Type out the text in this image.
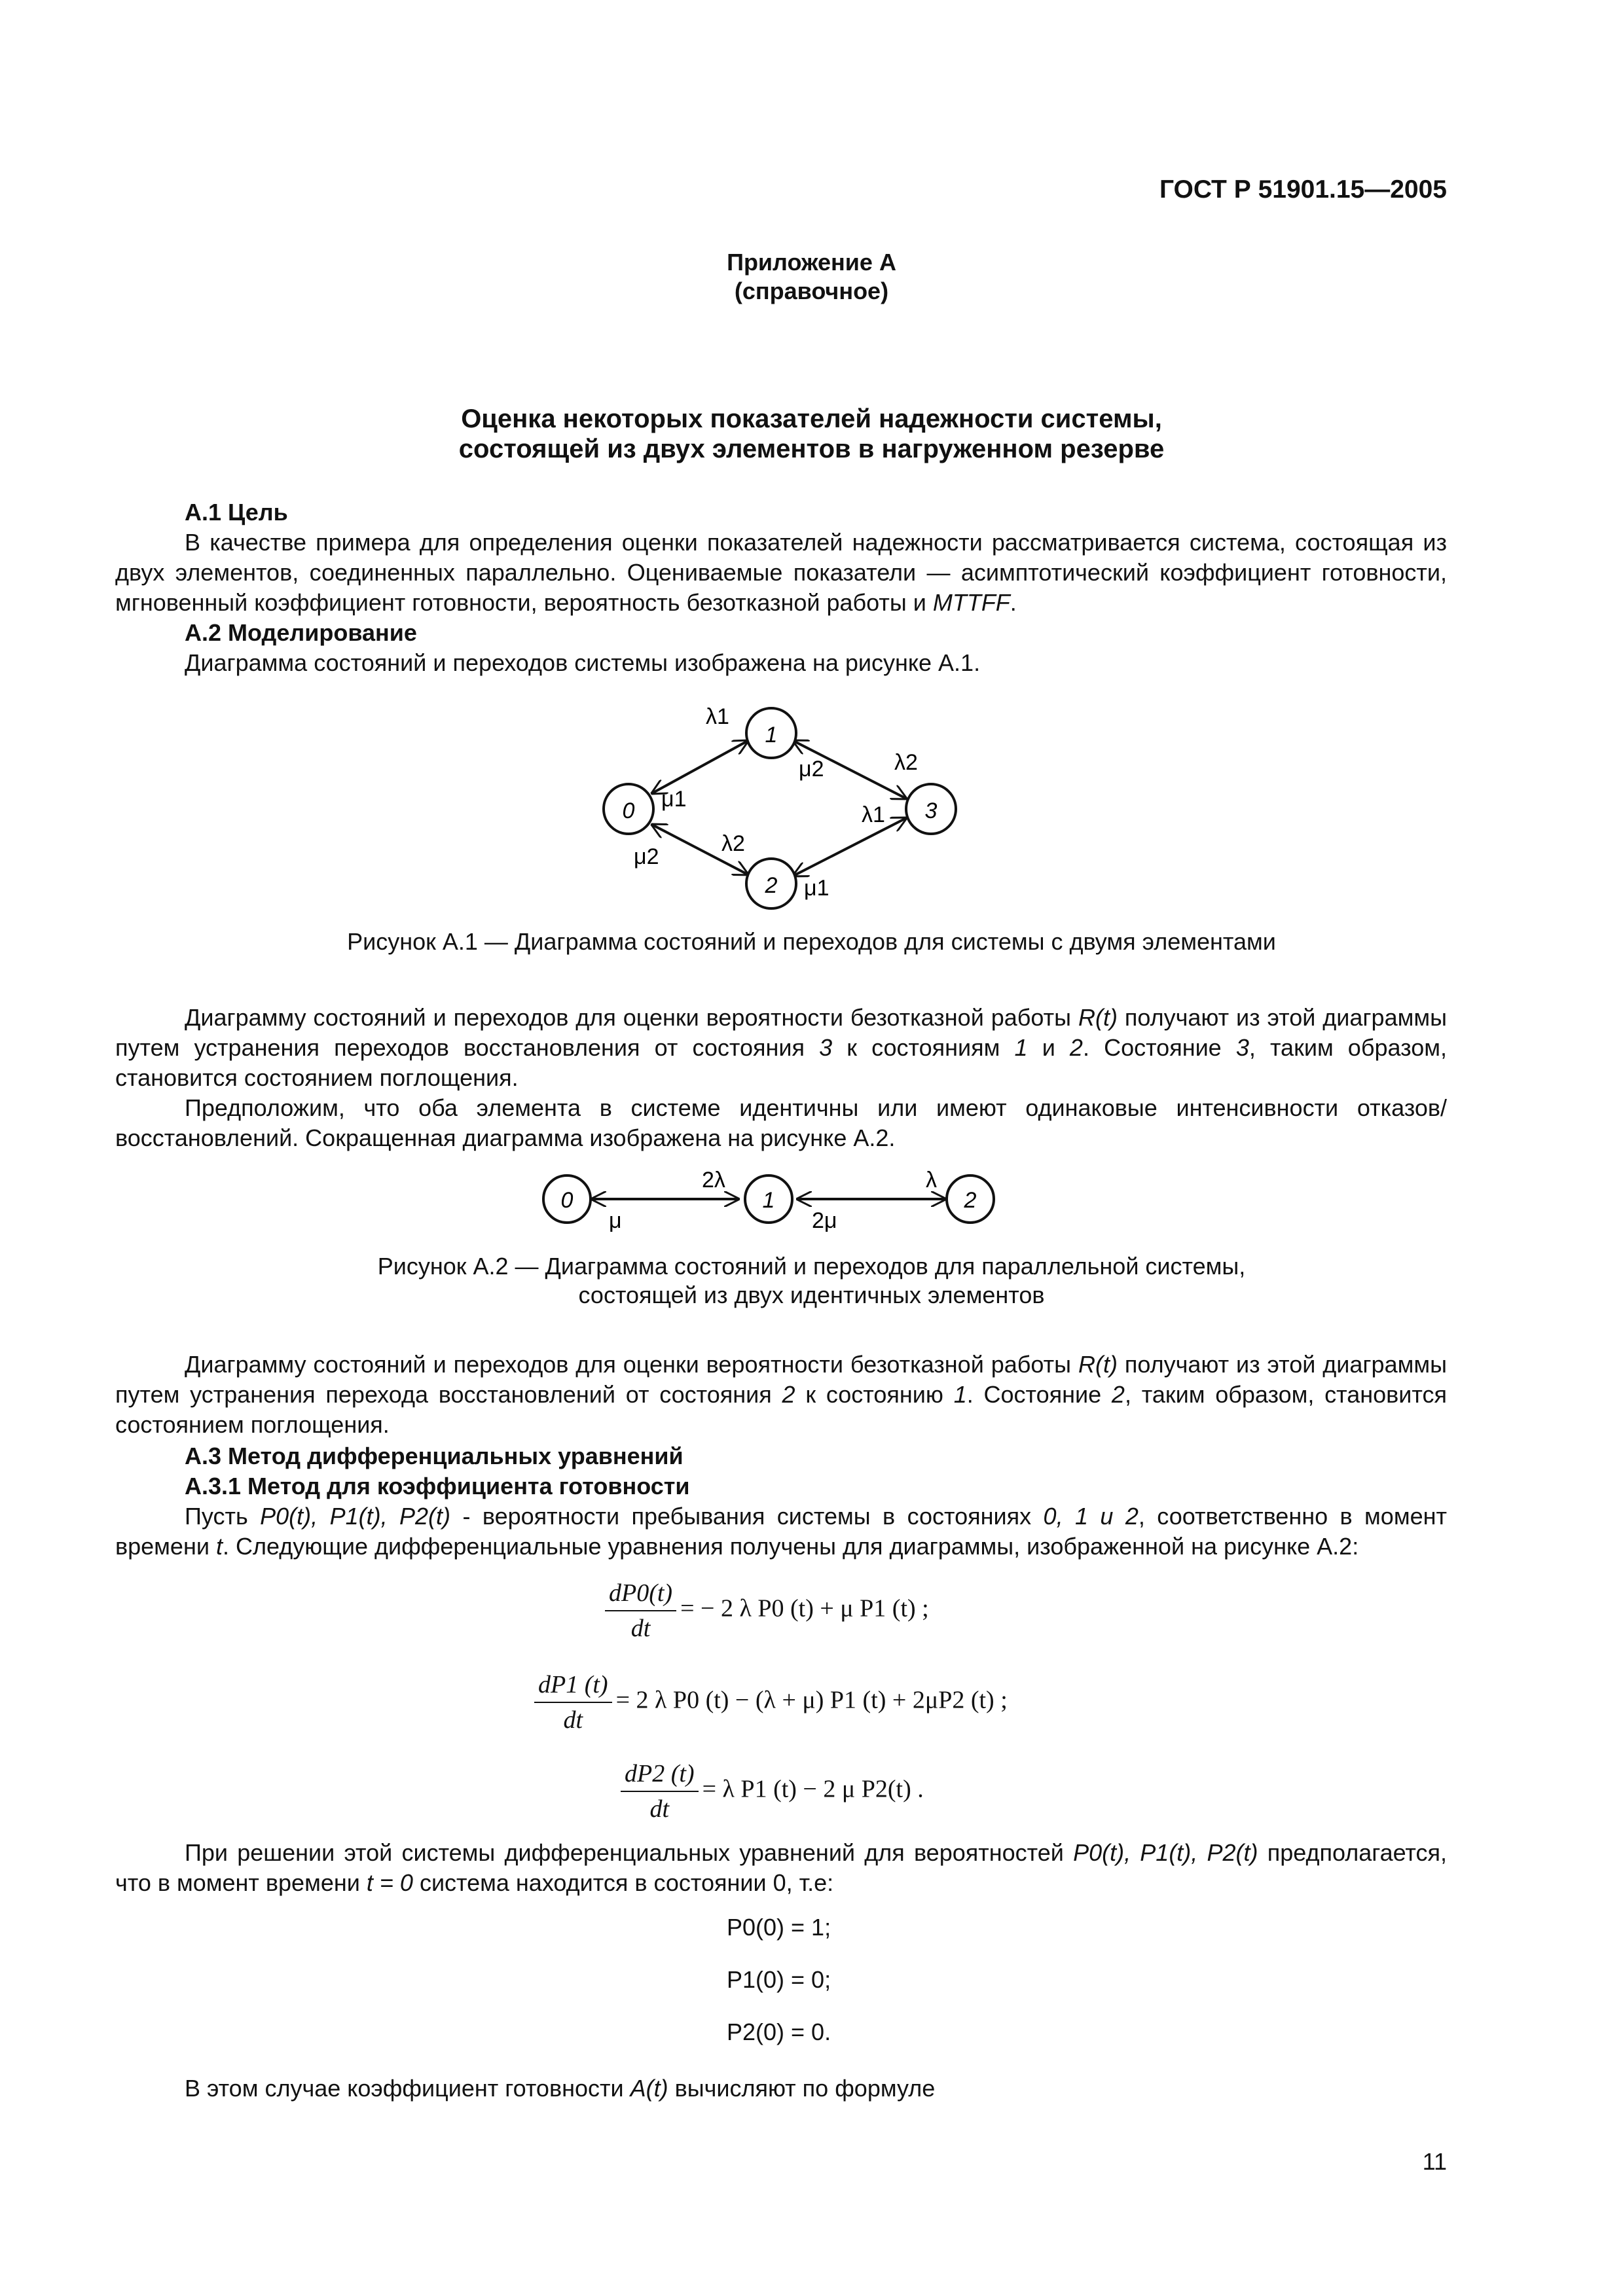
ГОСТ Р 51901.15—2005
Приложение А
(справочное)
Оценка некоторых показателей надежности системы,
состоящей из двух элементов в нагруженном резерве
А.1 Цель
В качестве примера для определения оценки показателей надежности рассматривается система, состоящая из двух элементов, соединенных параллельно. Оцениваемые показатели — асимптотический коэффициент готовности, мгновенный коэффициент готовности, вероятность безотказной работы и MTTFF.
А.2 Моделирование
Диаграмма состояний и переходов системы изображена на рисунке А.1.
0
1
2
3
λ1
μ2	λ2
μ1
λ1
μ2
λ2
μ1
Рисунок А.1 — Диаграмма состояний и переходов для системы с двумя элементами
Диаграмму состояний и переходов для оценки вероятности безотказной работы R(t) получают из этой диаграммы путем устранения переходов восстановления от состояния 3 к состояниям 1 и 2. Состояние 3, таким образом, становится состоянием поглощения.
Предположим, что оба элемента в системе идентичны или имеют одинаковые интенсивности отказов/восстановлений. Сокращенная диаграмма изображена на рисунке А.2.
0	1	2
2λ
μ
λ
2μ
Рисунок А.2 — Диаграмма состояний и переходов для параллельной системы,
состоящей из двух идентичных элементов
Диаграмму состояний и переходов для оценки вероятности безотказной работы R(t) получают из этой диаграммы путем устранения перехода восстановлений от состояния 2 к состоянию 1. Состояние 2, таким образом, становится состоянием поглощения.
А.3 Метод дифференциальных уравнений
А.3.1 Метод для коэффициента готовности
Пусть P0(t), P1(t), P2(t) - вероятности пребывания системы в состояниях 0, 1 и 2, соответственно в момент времени t. Следующие дифференциальные уравнения получены для диаграммы, изображенной на рисунке А.2:
$\frac{dP0(t)}{dt}$ = − 2 λ P0 (t) + μ P1 (t) ;
$\frac{dP1 (t)}{dt} = 2$ λ P0 (t) − (λ + μ) P1 (t) + 2μP2 (t) ;
$\frac{dP2 (t)}{dt} = \lambda$ P1 (t) − 2 μ P2(t) .
При решении этой системы дифференциальных уравнений для вероятностей P0(t), P1(t), P2(t) предполагается, что в момент времени t = 0 система находится в состоянии 0, т.е:
P0(0) = 1;
P1(0) = 0;
P2(0) = 0.
В этом случае коэффициент готовности A(t) вычисляют по формуле
11
